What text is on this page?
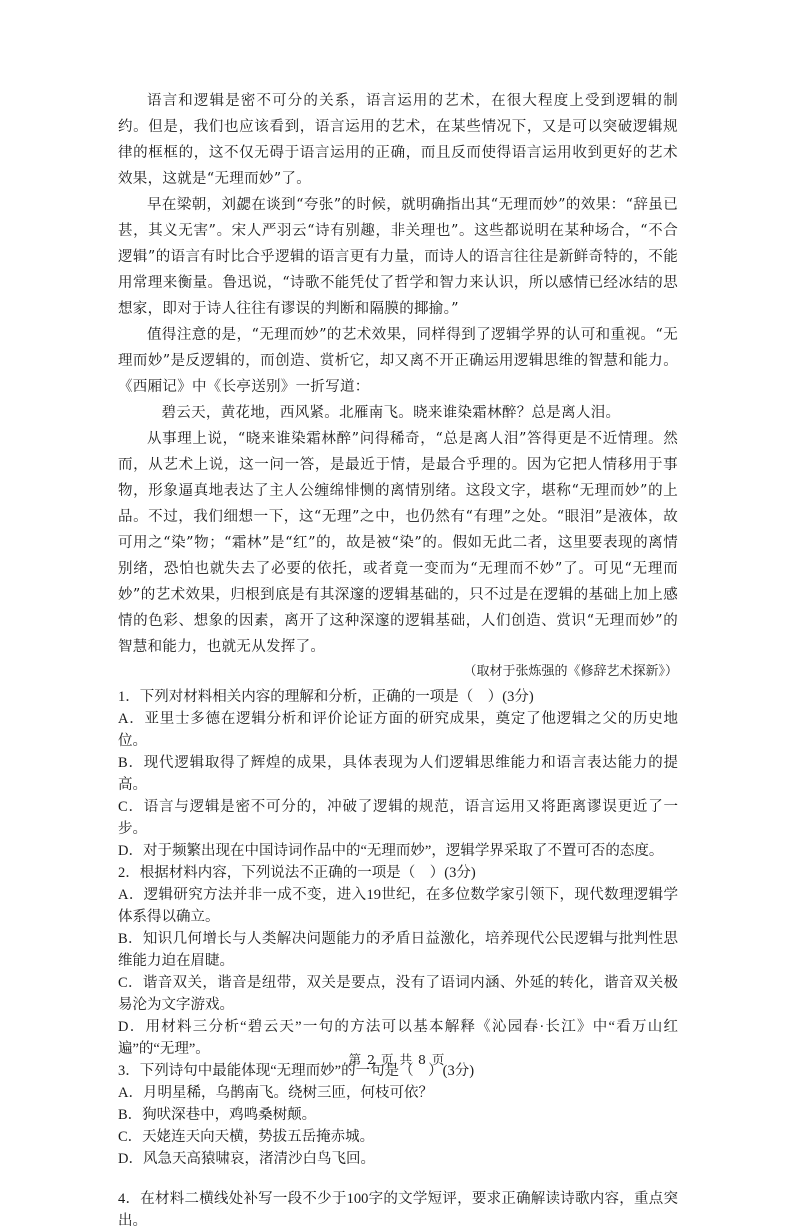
语言和逻辑是密不可分的关系，语言运用的艺术，在很大程度上受到逻辑的制约。但是，我们也应该看到，语言运用的艺术，在某些情况下，又是可以突破逻辑规律的框框的，这不仅无碍于语言运用的正确，而且反而使得语言运用收到更好的艺术效果，这就是“无理而妙”了。

早在梁朝，刘勰在谈到“夸张”的时候，就明确指出其“无理而妙”的效果：“辞虽已甚，其义无害”。宋人严羽云“诗有别趣，非关理也”。这些都说明在某种场合，“不合逻辑”的语言有时比合乎逻辑的语言更有力量，而诗人的语言往往是新鲜奇特的，不能用常理来衡量。鲁迅说，“诗歌不能凭仗了哲学和智力来认识，所以感情已经冰结的思想家，即对于诗人往往有谬误的判断和隔膜的揶揄。”

值得注意的是，“无理而妙”的艺术效果，同样得到了逻辑学界的认可和重视。“无理而妙”是反逻辑的，而创造、赏析它，却又离不开正确运用逻辑思维的智慧和能力。《西厢记》中《长亭送别》一折写道：

碧云天，黄花地，西风紧。北雁南飞。晓来谁染霜林醉？总是离人泪。

从事理上说，“晓来谁染霜林醉”问得稀奇，“总是离人泪”答得更是不近情理。然而，从艺术上说，这一问一答，是最近于情，是最合乎理的。因为它把人情移用于事物，形象逼真地表达了主人公缠绵悱恻的离情别绪。这段文字，堪称“无理而妙”的上品。不过，我们细想一下，这“无理”之中，也仍然有“有理”之处。“眼泪”是液体，故可用之“染”物；“霜林”是“红”的，故是被“染”的。假如无此二者，这里要表现的离情别绪，恐怕也就失去了必要的依托，或者竟一变而为“无理而不妙”了。可见“无理而妙”的艺术效果，归根到底是有其深邃的逻辑基础的，只不过是在逻辑的基础上加上感情的色彩、想象的因素，离开了这种深邃的逻辑基础，人们创造、赏识“无理而妙”的智慧和能力，也就无从发挥了。

（取材于张炼强的《修辞艺术探新》）

1．下列对材料相关内容的理解和分析，正确的一项是（　）(3分)

A．亚里士多德在逻辑分析和评价论证方面的研究成果，奠定了他逻辑之父的历史地位。

B．现代逻辑取得了辉煌的成果，具体表现为人们逻辑思维能力和语言表达能力的提高。

C．语言与逻辑是密不可分的，冲破了逻辑的规范，语言运用又将距离谬误更近了一步。

D．对于频繁出现在中国诗词作品中的“无理而妙”，逻辑学界采取了不置可否的态度。

2．根据材料内容，下列说法不正确的一项是（　）(3分)

A．逻辑研究方法并非一成不变，进入19世纪，在多位数学家引领下，现代数理逻辑学体系得以确立。

B．知识几何增长与人类解决问题能力的矛盾日益激化，培养现代公民逻辑与批判性思维能力迫在眉睫。

C．谐音双关，谐音是纽带，双关是要点，没有了语词内涵、外延的转化，谐音双关极易沦为文字游戏。

D．用材料三分析“碧云天”一句的方法可以基本解释《沁园春·长江》中“看万山红遍”的“无理”。

3．下列诗句中最能体现“无理而妙”的一句是（　）(3分)

A．月明星稀，乌鹊南飞。绕树三匝，何枝可依？

B．狗吠深巷中，鸡鸣桑树颠。

C．天姥连天向天横，势拔五岳掩赤城。

D．风急天高猿啸哀，渚清沙白鸟飞回。

4．在材料二横线处补写一段不少于100字的文学短评，要求正确解读诗歌内容，重点突出。

第 2 页 共 8 页
